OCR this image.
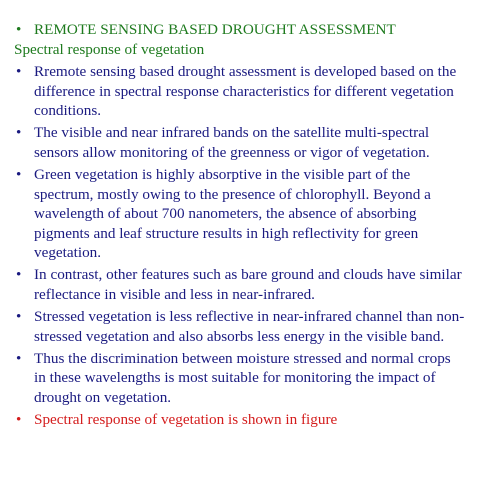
• REMOTE SENSING BASED DROUGHT ASSESSMENT
Spectral response of vegetation
• Rremote sensing based drought assessment is developed based on the difference in spectral response characteristics for different vegetation conditions.
• The visible and near infrared bands on the satellite multi-spectral sensors allow monitoring of the greenness or vigor of vegetation.
• Green vegetation is highly absorptive in the visible part of the spectrum, mostly owing to the presence of chlorophyll. Beyond a wavelength of about 700 nanometers, the absence of absorbing pigments and leaf structure results in high reflectivity for green vegetation.
• In contrast, other features such as bare ground and clouds have similar reflectance in visible and less in near-infrared.
• Stressed vegetation is less reflective in near-infrared channel than non-stressed vegetation and also absorbs less energy in the visible band.
• Thus the discrimination between moisture stressed and normal crops in these wavelengths is most suitable for monitoring the impact of drought on vegetation.
• Spectral response of vegetation is shown in figure
